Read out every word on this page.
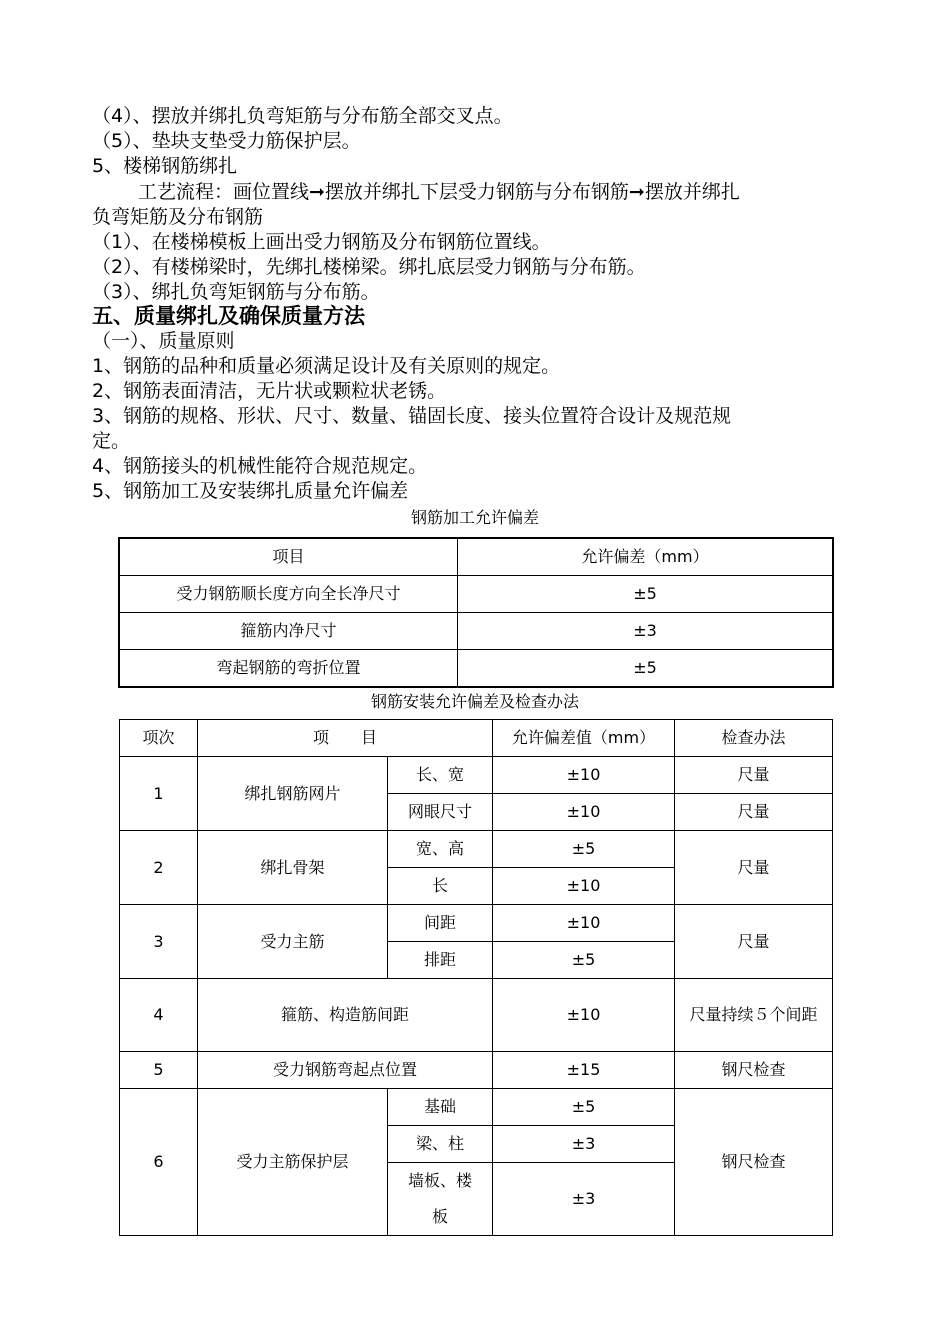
（4）、摆放并绑扎负弯矩筋与分布筋全部交叉点。
（5）、垫块支垫受力筋保护层。
5、楼梯钢筋绑扎
工艺流程：画位置线➞摆放并绑扎下层受力钢筋与分布钢筋➞摆放并绑扎
负弯矩筋及分布钢筋
（1）、在楼梯模板上画出受力钢筋及分布钢筋位置线。
（2）、有楼梯梁时，先绑扎楼梯梁。绑扎底层受力钢筋与分布筋。
（3）、绑扎负弯矩钢筋与分布筋。
五、质量绑扎及确保质量方法
（一）、质量原则
1、钢筋的品种和质量必须满足设计及有关原则的规定。
2、钢筋表面清洁，无片状或颗粒状老锈。
3、钢筋的规格、形状、尺寸、数量、锚固长度、接头位置符合设计及规范规
定。
4、钢筋接头的机械性能符合规范规定。
5、钢筋加工及安装绑扎质量允许偏差
钢筋加工允许偏差
项目	允许偏差（mm）
受力钢筋顺长度方向全长净尺寸	±5
箍筋内净尺寸	±3
弯起钢筋的弯折位置	±5
钢筋安装允许偏差及检查办法
项次	项　　目		允许偏差值（mm）	检查办法
1	绑扎钢筋网片	长、宽	±10	尺量
		网眼尺寸	±10	尺量
2	绑扎骨架	宽、高	±5	尺量
		长	±10	
3	受力主筋	间距	±10	尺量
		排距	±5	
4	箍筋、构造筋间距		±10	尺量持续５个间距
5	受力钢筋弯起点位置		±15	钢尺检查
6	受力主筋保护层	基础	±5	钢尺检查
		梁、柱	±3	
		墙板、楼板	±3	
